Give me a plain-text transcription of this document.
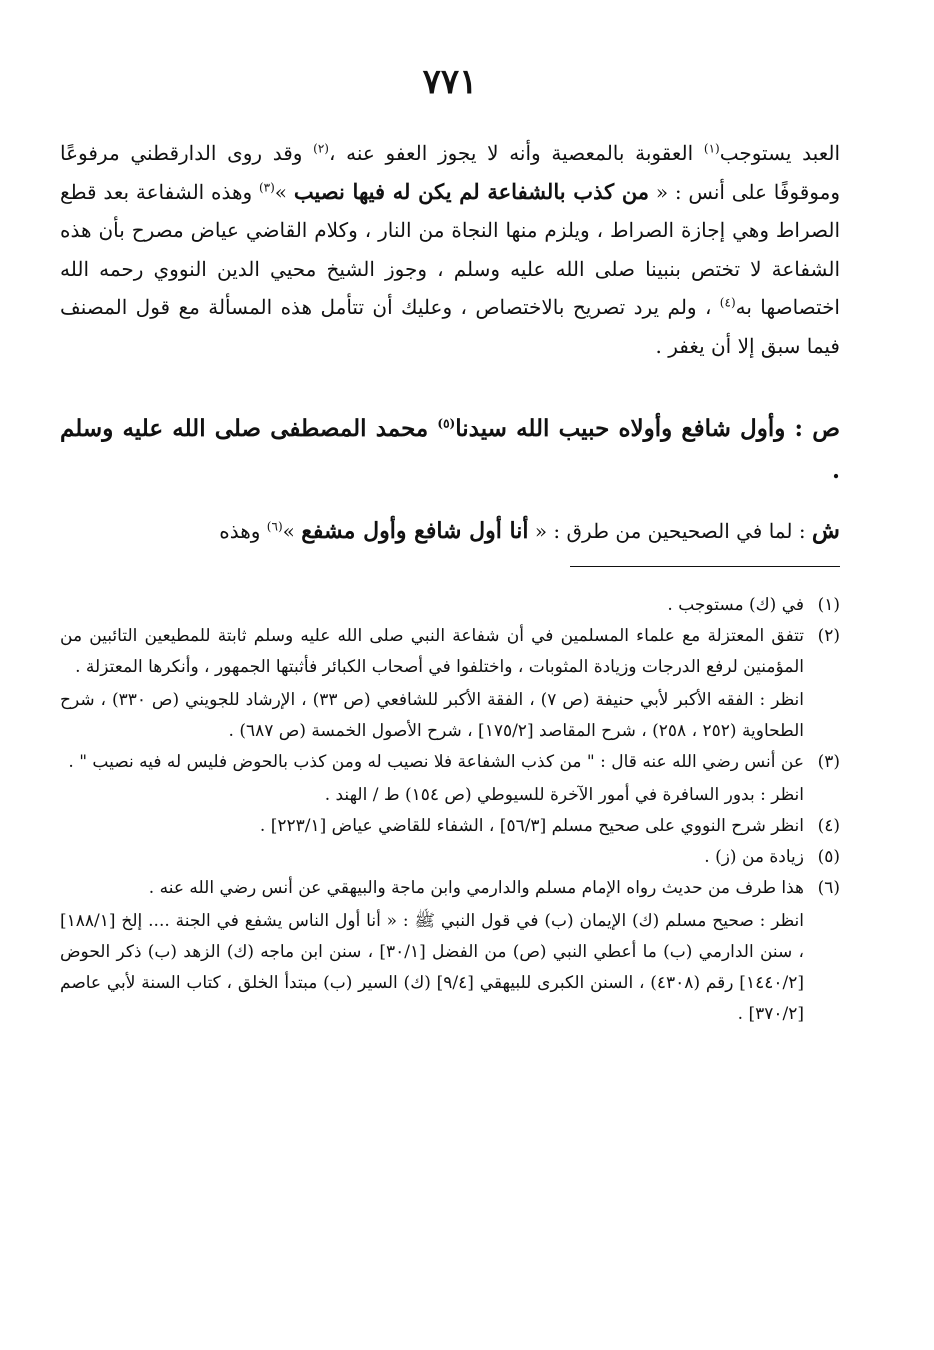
٧٧١

العبد يستوجب$^{(١)}$ العقوبة بالمعصية وأنه لا يجوز العفو عنه ،$^{(٢)}$ وقد روى الدارقطني مرفوعًا وموقوفًا على أنس : « من كذب بالشفاعة لم يكن له فيها نصيب »$^{(٣)}$ وهذه الشفاعة بعد قطع الصراط وهي إجازة الصراط ، ويلزم منها النجاة من النار ، وكلام القاضي عياض مصرح بأن هذه الشفاعة لا تختص بنبينا صلى الله عليه وسلم ، وجوز الشيخ محيي الدين النووي رحمه الله اختصاصها به$^{(٤)}$ ، ولم يرد تصريح بالاختصاص ، وعليك أن تتأمل هذه المسألة مع قول المصنف فيما سبق إلا أن يغفر .

ص : وأول شافع وأولاه حبيب الله سيدنا$^{(٥)}$ محمد المصطفى صلى الله عليه وسلم .

ش : لما في الصحيحين من طرق : « أنا أول شافع وأول مشفع »$^{(٦)}$ وهذه

(١)
في (ك) مستوجب .
(٢)
تتفق المعتزلة مع علماء المسلمين في أن شفاعة النبي صلى الله عليه وسلم ثابتة للمطيعين التائبين من المؤمنين لرفع الدرجات وزيادة المثوبات ، واختلفوا في أصحاب الكبائر فأثبتها الجمهور ، وأنكرها المعتزلة .
انظر : الفقه الأكبر لأبي حنيفة (ص ٧) ، الفقة الأكبر للشافعي (ص ٣٣) ، الإرشاد للجويني (ص ٣٣٠) ، شرح الطحاوية (٢٥٢ ، ٢٥٨) ، شرح المقاصد [١٧٥/٢] ، شرح الأصول الخمسة (ص ٦٨٧) .
(٣)
عن أنس رضي الله عنه قال : " من كذب الشفاعة فلا نصيب له ومن كذب بالحوض فليس له فيه نصيب " .
انظر : بدور السافرة في أمور الآخرة للسيوطي (ص ١٥٤) ط / الهند .
(٤)
انظر شرح النووي على صحيح مسلم [٥٦/٣] ، الشفاء للقاضي عياض [٢٢٣/١] .
(٥)
زيادة من (ز) .
(٦)
هذا طرف من حديث رواه الإمام مسلم والدارمي وابن ماجة والبيهقي عن أنس رضي الله عنه .
انظر : صحيح مسلم (ك) الإيمان (ب) في قول النبي ﷺ : « أنا أول الناس يشفع في الجنة .... إلخ [١٨٨/١] ، سنن الدارمي (ب) ما أعطي النبي (ص) من الفضل [٣٠/١] ، سنن ابن ماجه (ك) الزهد (ب) ذكر الحوض [١٤٤٠/٢] رقم (٤٣٠٨) ، السنن الكبرى للبيهقي [٩/٤] (ك) السير (ب) مبتدأ الخلق ، كتاب السنة لأبي عاصم [٣٧٠/٢] .
